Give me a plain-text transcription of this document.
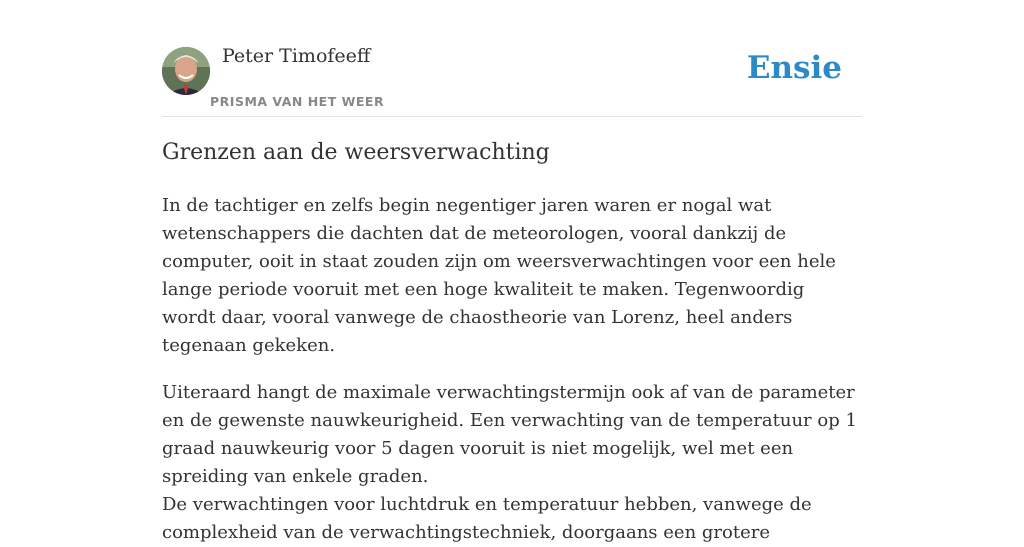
Peter Timofeeff
PRISMA VAN HET WEER
Ensie
Grenzen aan de weersverwachting

In de tachtiger en zelfs begin negentiger jaren waren er nogal wat wetenschappers die dachten dat de meteorologen, vooral dankzij de computer, ooit in staat zouden zijn om weersverwachtingen voor een hele lange periode vooruit met een hoge kwaliteit te maken. Tegenwoordig wordt daar, vooral vanwege de chaostheorie van Lorenz, heel anders tegenaan gekeken.

Uiteraard hangt de maximale verwachtingstermijn ook af van de parameter en de gewenste nauwkeurigheid. Een verwachting van de temperatuur op 1 graad nauwkeurig voor 5 dagen vooruit is niet mogelijk, wel met een spreiding van enkele graden.
De verwachtingen voor luchtdruk en temperatuur hebben, vanwege de complexheid van de verwachtingstechniek, doorgaans een grotere
